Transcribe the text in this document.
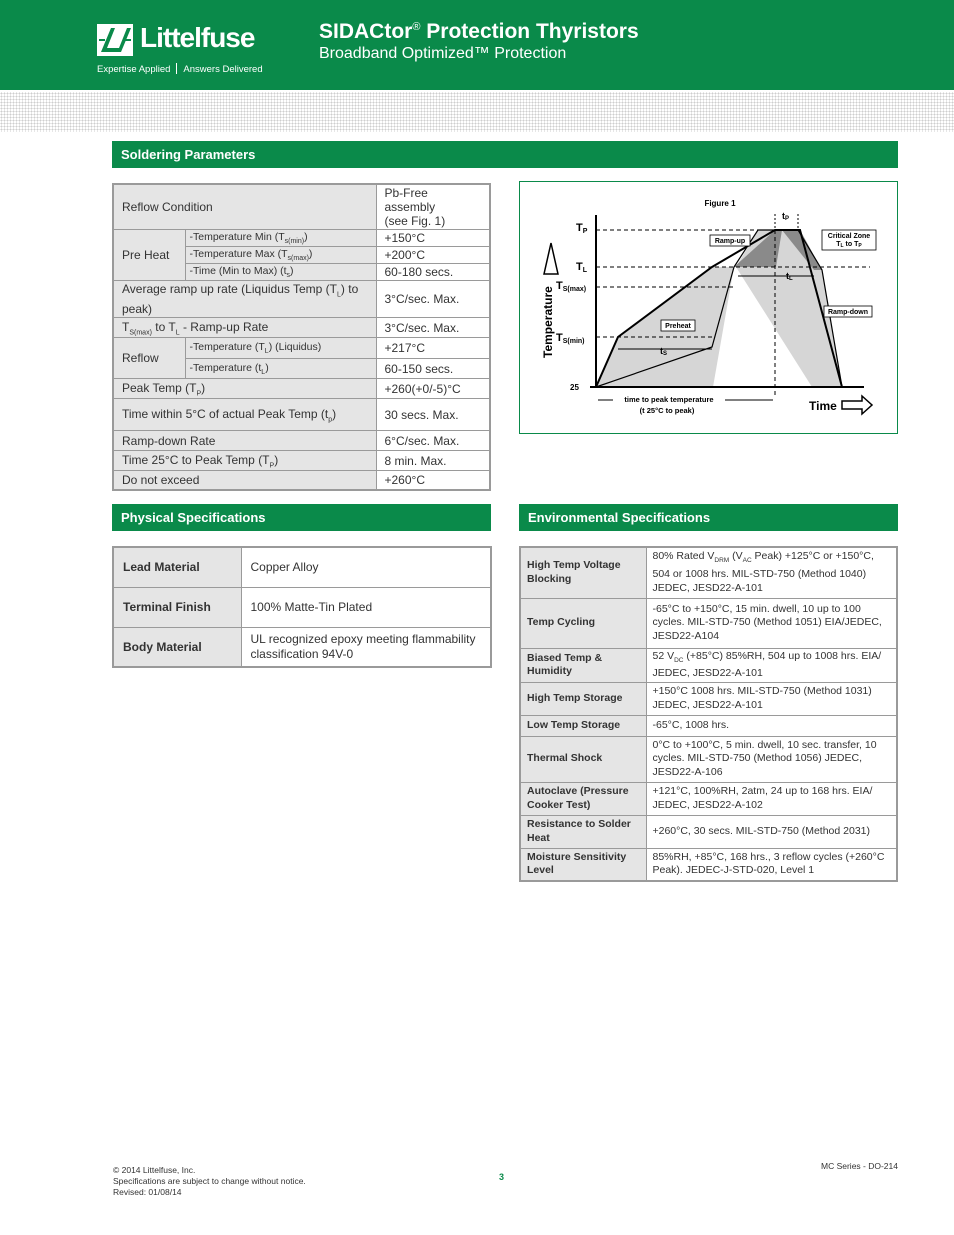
Littelfuse
Expertise Applied Answers Delivered
SIDACtor® Protection Thyristors
Broadband Optimized™ Protection
Soldering Parameters
Reflow Condition		Pb-Free assembly
(see Fig. 1)
Pre Heat	-Temperature Min $(T_{s(min)})$	+150°C
	-Temperature Max $(T_{s(max)})$	+200°C
	-Time (Min to Max) $(t_s)$	60-180 secs.
Average ramp up rate (Liquidus Temp $(T_L)$ to peak)		3°C/sec. Max.
$T_{S(max)}$ to $T_L$ - Ramp-up Rate		3°C/sec. Max.
Reflow	-Temperature $(T_L)$ (Liquidus)	+217°C
	-Temperature $(t_L)$	60-150 secs.
Peak Temp $(T_P)$		+260(+0/-5)°C
Time within 5°C of actual Peak Temp $(t_p)$		30 secs. Max.
Ramp-down Rate		6°C/sec. Max.
Time 25°C to Peak Temp $(T_P)$		8 min. Max.
Do not exceed		+260°C
Figure 1
TP
TL
TS(max)
TS(min)
25
Temperature
Time
tP
tL
tS
Ramp-up
Preheat
Ramp-down
Critical Zone
TL to TP
time to peak temperature
(t 25°C to peak)
Physical Specifications
Lead Material	Copper Alloy
Terminal Finish	100% Matte-Tin Plated
Body Material	UL recognized epoxy meeting flammability classification 94V-0
Environmental Specifications
High Temp Voltage Blocking	80% Rated $V_{DRM}$ ($V_{AC}$ Peak) +125°C or +150°C, 504 or 1008 hrs. MIL-STD-750 (Method 1040) JEDEC, JESD22-A-101
Temp Cycling	-65°C to +150°C, 15 min. dwell, 10 up to 100 cycles. MIL-STD-750 (Method 1051) EIA/JEDEC, JESD22-A104
Biased Temp & Humidity	52 $V_{DC}$ (+85°C) 85%RH, 504 up to 1008 hrs. EIA/ JEDEC, JESD22-A-101
High Temp Storage	+150°C 1008 hrs. MIL-STD-750 (Method 1031) JEDEC, JESD22-A-101
Low Temp Storage	-65°C, 1008 hrs.
Thermal Shock	0°C to +100°C, 5 min. dwell, 10 sec. transfer, 10 cycles. MIL-STD-750 (Method 1056) JEDEC, JESD22-A-106
Autoclave (Pressure Cooker Test)	+121°C, 100%RH, 2atm, 24 up to 168 hrs. EIA/ JEDEC, JESD22-A-102
Resistance to Solder Heat	+260°C, 30 secs. MIL-STD-750 (Method 2031)
Moisture Sensitivity Level	85%RH, +85°C, 168 hrs., 3 reflow cycles (+260°C Peak). JEDEC-J-STD-020, Level 1
© 2014 Littelfuse, Inc.
Specifications are subject to change without notice.
Revised: 01/08/14
3
MC Series - DO-214
